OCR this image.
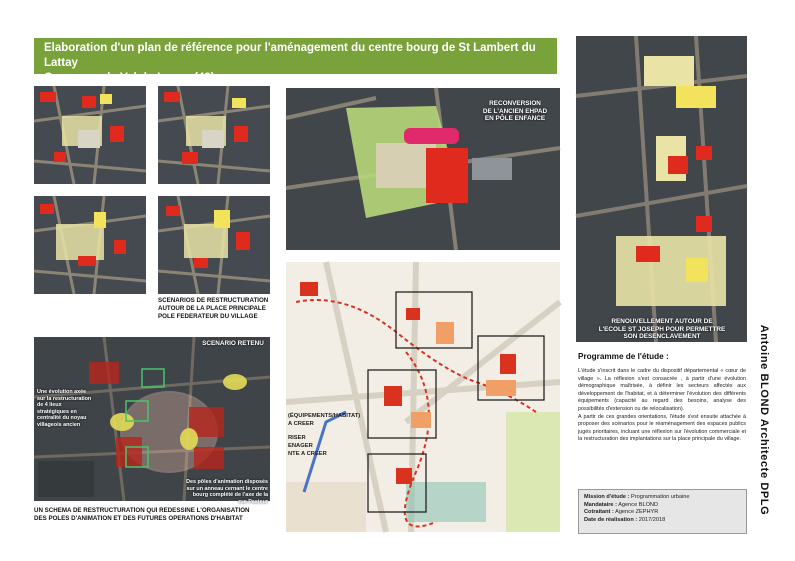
Elaboration d'un plan de référence pour l'aménagement du centre bourg de St Lambert du Lattay
Commune de Val du Layon (49)
SCENARIOS DE RESTRUCTURATION
AUTOUR DE LA PLACE PRINCIPALE
POLE FEDERATEUR DU VILLAGE
SCENARIO RETENU
Une évolution axée sur la restructuration de 4 lieux stratégiques en centralité du noyau villageois ancien
Des pôles d'animation disposés sur un anneau cernant le centre bourg complété de l'axe de la rue Pasteur
UN SCHEMA DE RESTRUCTURATION QUI REDESSINE L'ORGANISATION
DES POLES D'ANIMATION ET DES FUTURES OPERATIONS D'HABITAT
RECONVERSION
DE L'ANCIEN EHPAD
EN PÔLE ENFANCE
(ÉQUIPEMENTS/HABITAT)
A CREER
RISER
ENAGER
NTE A CREER
RENOUVELLEMENT AUTOUR DE
L'ECOLE ST JOSEPH POUR PERMETTRE
SON DESENCLAVEMENT
Programme de l'étude :

L'étude s'inscrit dans le cadre du dispositif départemental « cœur de village ». La réflexion s'est consacrée , à partir d'une évolution démographique maîtrisée, à définir les secteurs affectés aux développement de l'habitat, et à déterminer l'évolution des différents équipements (capacité au regard des besoins, analyse des possibilités d'extension ou de relocalisation).

A partir de ces grandes orientations, l'étude s'est ensuite attachée à proposer des scénarios pour le réaménagement des espaces publics jugés prioritaires, incluant une réflexion sur l'évolution commerciale et la restructuration des implantations sur la place principale du village.	Antoine BLOND Architecte DPLG
Mission d'étude : Programmation urbaine
Mandataire : Agence BLOND
Cotraitant : Agence ZEPHYR
Date de réalisation : 2017/2018
